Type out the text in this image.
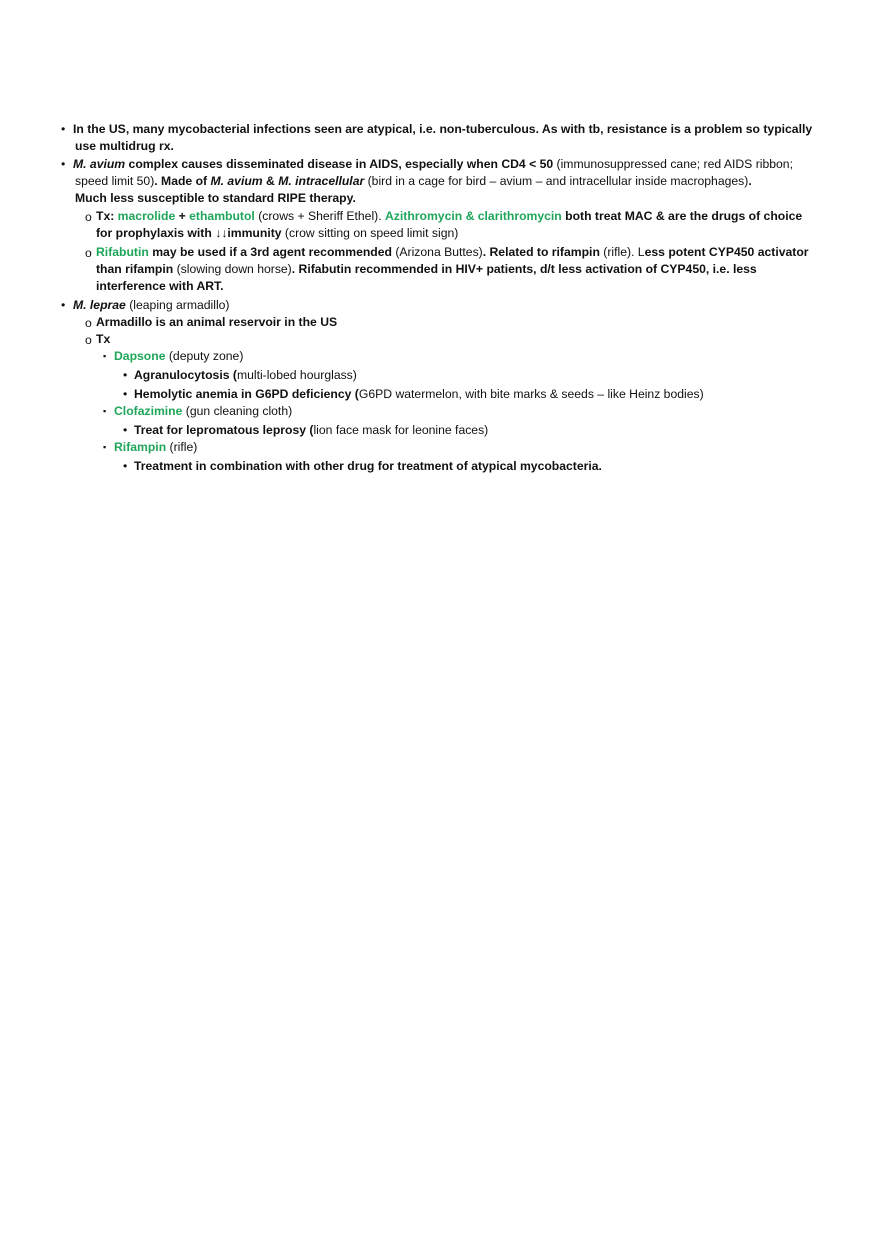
• In the US, many mycobacterial infections seen are atypical, i.e. non-tuberculous. As with tb, resistance is a problem so typically
use multidrug rx.
• M. avium complex causes disseminated disease in AIDS, especially when CD4 < 50 (immunosuppressed cane; red AIDS ribbon;
speed limit 50). Made of M. avium & M. intracellular (bird in a cage for bird – avium – and intracellular inside macrophages).
Much less susceptible to standard RIPE therapy.
o Tx: macrolide + ethambutol (crows + Sheriff Ethel). Azithromycin & clarithromycin both treat MAC & are the drugs of choice
for prophylaxis with ↓↓immunity (crow sitting on speed limit sign)
o Rifabutin may be used if a 3rd agent recommended (Arizona Buttes). Related to rifampin (rifle). Less potent CYP450 activator
than rifampin (slowing down horse). Rifabutin recommended in HIV+ patients, d/t less activation of CYP450, i.e. less
interference with ART.
• M. leprae (leaping armadillo)
o Armadillo is an animal reservoir in the US
o Tx
▪ Dapsone (deputy zone)
• Agranulocytosis (multi-lobed hourglass)
• Hemolytic anemia in G6PD deficiency (G6PD watermelon, with bite marks & seeds – like Heinz bodies)
▪ Clofazimine (gun cleaning cloth)
• Treat for lepromatous leprosy (lion face mask for leonine faces)
▪ Rifampin (rifle)
• Treatment in combination with other drug for treatment of atypical mycobacteria.
